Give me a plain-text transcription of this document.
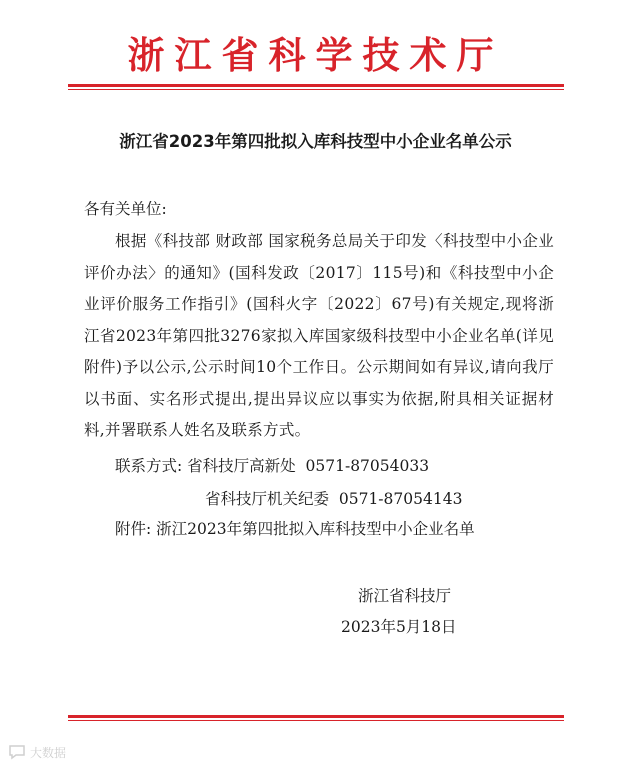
浙江省科学技术厅
浙江省2023年第四批拟入库科技型中小企业名单公示
各有关单位:
根据《科技部 财政部 国家税务总局关于印发〈科技型中小企业评价办法〉的通知》(国科发政〔2017〕115号)和《科技型中小企业评价服务工作指引》(国科火字〔2022〕67号)有关规定,现将浙江省2023年第四批3276家拟入库国家级科技型中小企业名单(详见附件)予以公示,公示时间10个工作日。公示期间如有异议,请向我厅以书面、实名形式提出,提出异议应以事实为依据,附具相关证据材料,并署联系人姓名及联系方式。
联系方式: 省科技厅高新处  0571-87054033
省科技厅机关纪委  0571-87054143
附件: 浙江2023年第四批拟入库科技型中小企业名单
浙江省科技厅
2023年5月18日
大数据
